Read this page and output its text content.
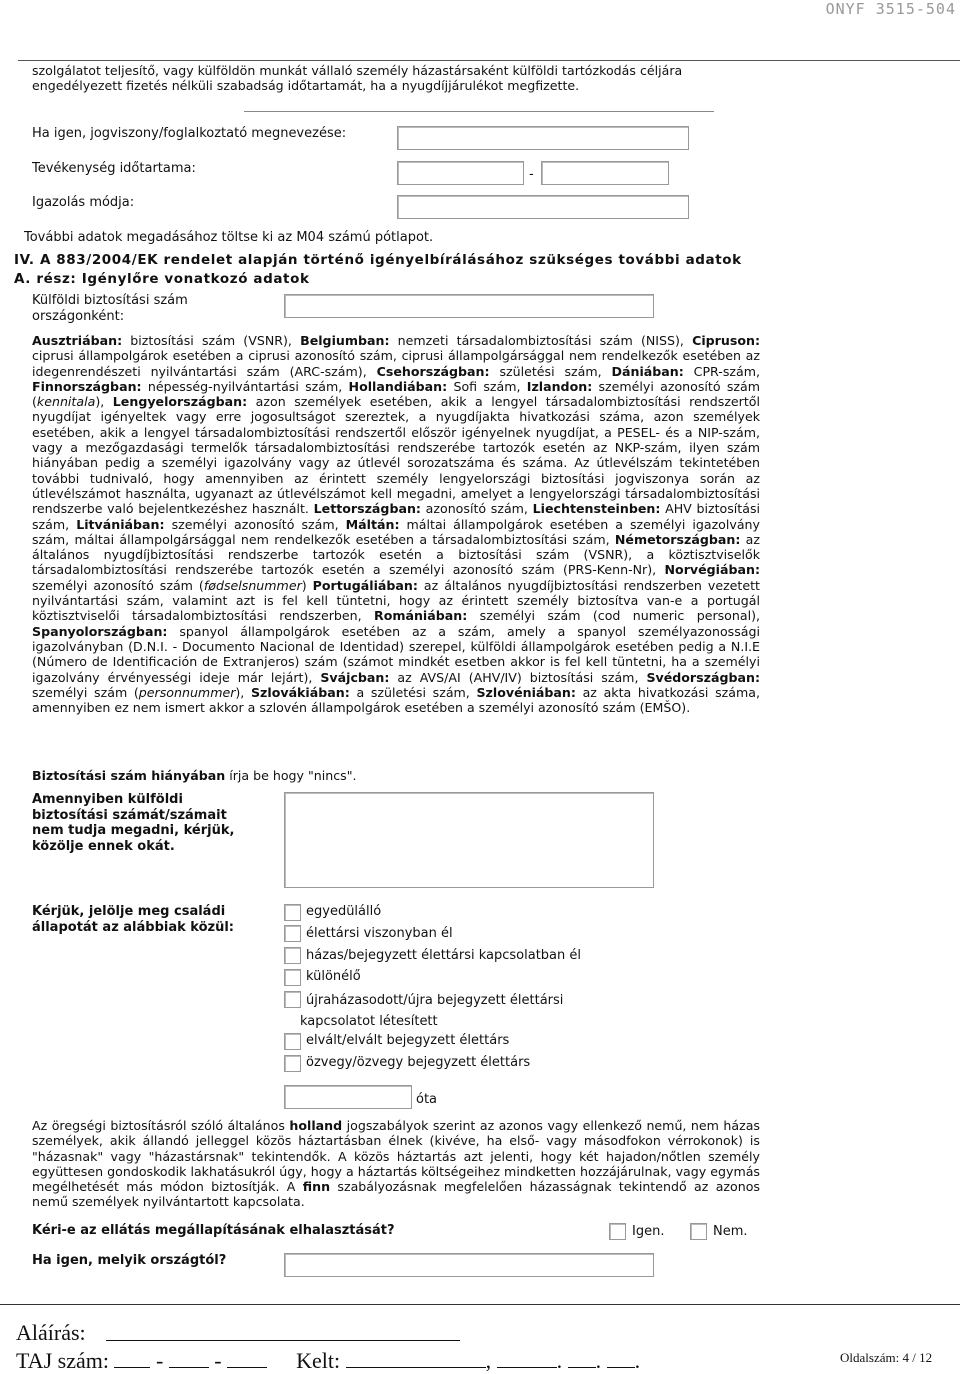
ONYF 3515-504
szolgálatot teljesítő, vagy külföldön munkát vállaló személy házastársaként külföldi tartózkodás céljára engedélyezett fizetés nélküli szabadság időtartamát, ha a nyugdíjjárulékot megfizette.
Ha igen, jogviszony/foglalkoztató megnevezése:
Tevékenység időtartama:	-
Igazolás módja:
További adatok megadásához töltse ki az M04 számú pótlapot.
IV. A 883/2004/EK rendelet alapján történő igényelbírálásához szükséges további adatok
A. rész: Igénylőre vonatkozó adatok
Külföldi biztosítási szám országonként:
Ausztriában: biztosítási szám (VSNR), Belgiumban: nemzeti társadalombiztosítási szám (NISS), Cipruson: ciprusi állampolgárok esetében a ciprusi azonosító szám, ciprusi állampolgársággal nem rendelkezők esetében az idegenrendészeti nyilvántartási szám (ARC-szám), Csehországban: születési szám, Dániában: CPR-szám, Finnországban: népesség-nyilvántartási szám, Hollandiában: Sofi szám, Izlandon: személyi azonosító szám (kennitala), Lengyelországban: azon személyek esetében, akik a lengyel társadalombiztosítási rendszertől nyugdíjat igényeltek vagy erre jogosultságot szereztek, a nyugdíjakta hivatkozási száma, azon személyek esetében, akik a lengyel társadalombiztosítási rendszertől először igényelnek nyugdíjat, a PESEL- és a NIP-szám, vagy a mezőgazdasági termelők társadalombiztosítási rendszerébe tartozók esetén az NKP-szám, ilyen szám hiányában pedig a személyi igazolvány vagy az útlevél sorozatszáma és száma. Az útlevélszám tekintetében további tudnivaló, hogy amennyiben az érintett személy lengyelországi biztosítási jogviszonya során az útlevélszámot használta, ugyanazt az útlevélszámot kell megadni, amelyet a lengyelországi társadalombiztosítási rendszerbe való bejelentkezéshez használt. Lettországban: azonosító szám, Liechtensteinben: AHV biztosítási szám, Litvániában: személyi azonosító szám, Máltán: máltai állampolgárok esetében a személyi igazolvány szám, máltai állampolgársággal nem rendelkezők esetében a társadalombiztosítási szám, Németországban: az általános nyugdíjbiztosítási rendszerbe tartozók esetén a biztosítási szám (VSNR), a köztisztviselők társadalombiztosítási rendszerébe tartozók esetén a személyi azonosító szám (PRS-Kenn-Nr), Norvégiában: személyi azonosító szám (fødselsnummer) Portugáliában: az általános nyugdíjbiztosítási rendszerben vezetett nyilvántartási szám, valamint azt is fel kell tüntetni, hogy az érintett személy biztosítva van-e a portugál köztisztviselői társadalombiztosítási rendszerben, Romániában: személyi szám (cod numeric personal), Spanyolországban: spanyol állampolgárok esetében az a szám, amely a spanyol személyazonossági igazolványban (D.N.I. - Documento Nacional de Identidad) szerepel, külföldi állampolgárok esetében pedig a N.I.E (Número de Identificación de Extranjeros) szám (számot mindkét esetben akkor is fel kell tüntetni, ha a személyi igazolvány érvényességi ideje már lejárt), Svájcban: az AVS/AI (AHV/IV) biztosítási szám, Svédországban: személyi szám (personnummer), Szlovákiában: a születési szám, Szlovéniában: az akta hivatkozási száma, amennyiben ez nem ismert akkor a szlovén állampolgárok esetében a személyi azonosító szám (EMŠO).
Biztosítási szám hiányában írja be hogy "nincs".
Amennyiben külföldi biztosítási számát/számait nem tudja megadni, kérjük, közölje ennek okát.
Kérjük, jelölje meg családi állapotát az alábbiak közül:
egyedülálló
élettársi viszonyban él
házas/bejegyzett élettársi kapcsolatban él
különélő
újraházasodott/újra bejegyzett élettársi kapcsolatot létesített
elvált/elvált bejegyzett élettárs
özvegy/özvegy bejegyzett élettárs
óta
Az öregségi biztosításról szóló általános holland jogszabályok szerint az azonos vagy ellenkező nemű, nem házas személyek, akik állandó jelleggel közös háztartásban élnek (kivéve, ha első- vagy másodfokon vérrokonok) is "házasnak" vagy "házastársnak" tekintendők. A közös háztartás azt jelenti, hogy két hajadon/nőtlen személy együttesen gondoskodik lakhatásukról úgy, hogy a háztartás költségeihez mindketten hozzájárulnak, vagy egymás megélhetését más módon biztosítják. A finn szabályozásnak megfelelően házasságnak tekintendő az azonos nemű személyek nyilvántartott kapcsolata.
Kéri-e az ellátás megállapításának elhalasztását?	Igen.	Nem.
Ha igen, melyik országtól?
Aláírás:
TAJ szám:  -  -	Kelt:	,	. . .	Oldalszám: 4 / 12
